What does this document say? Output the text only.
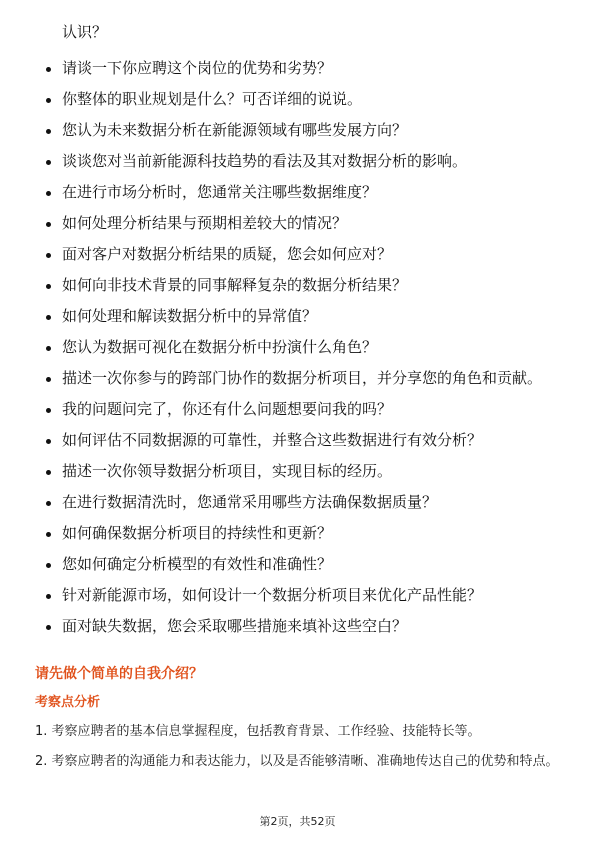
认识？
请谈一下你应聘这个岗位的优势和劣势？
你整体的职业规划是什么？可否详细的说说。
您认为未来数据分析在新能源领域有哪些发展方向？
谈谈您对当前新能源科技趋势的看法及其对数据分析的影响。
在进行市场分析时，您通常关注哪些数据维度？
如何处理分析结果与预期相差较大的情况？
面对客户对数据分析结果的质疑，您会如何应对？
如何向非技术背景的同事解释复杂的数据分析结果？
如何处理和解读数据分析中的异常值？
您认为数据可视化在数据分析中扮演什么角色？
描述一次你参与的跨部门协作的数据分析项目，并分享您的角色和贡献。
我的问题问完了，你还有什么问题想要问我的吗？
如何评估不同数据源的可靠性，并整合这些数据进行有效分析？
描述一次你领导数据分析项目，实现目标的经历。
在进行数据清洗时，您通常采用哪些方法确保数据质量？
如何确保数据分析项目的持续性和更新？
您如何确定分析模型的有效性和准确性？
针对新能源市场，如何设计一个数据分析项目来优化产品性能？
面对缺失数据，您会采取哪些措施来填补这些空白？
请先做个简单的自我介绍？
考察点分析
1. 考察应聘者的基本信息掌握程度，包括教育背景、工作经验、技能特长等。
2. 考察应聘者的沟通能力和表达能力，以及是否能够清晰、准确地传达自己的优势和特点。
第2页，共52页
